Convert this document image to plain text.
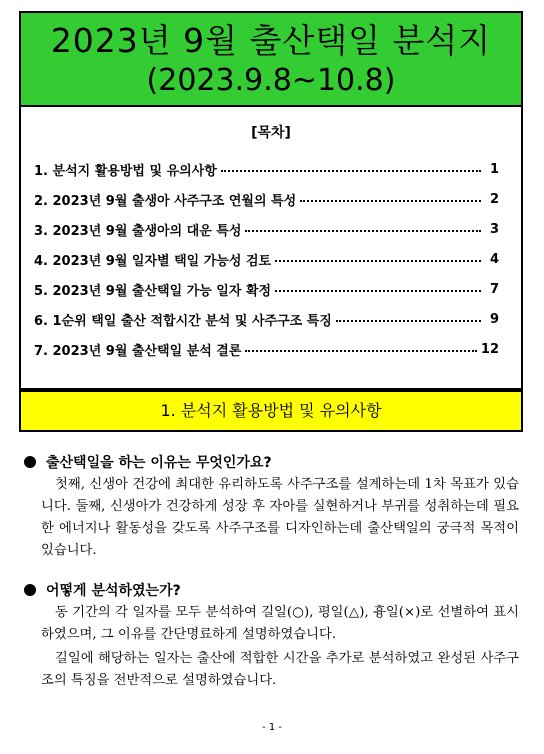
2023년 9월 출산택일 분석지
(2023.9.8~10.8)
[목차]
1. 분석지 활용방법 및 유의사항	1
2. 2023년 9월 출생아 사주구조 연월의 특성	2
3. 2023년 9월 출생아의 대운 특성	3
4. 2023년 9월 일자별 택일 가능성 검토	4
5. 2023년 9월 출산택일 가능 일자 확정	7
6. 1순위 택일 출산 적합시간 분석 및 사주구조 특징	9
7. 2023년 9월 출산택일 분석 결론	12
1. 분석지 활용방법 및 유의사항
출산택일을 하는 이유는 무엇인가요?

첫째, 신생아 건강에 최대한 유리하도록 사주구조를 설계하는데 1차 목표가 있습니다. 둘째, 신생아가 건강하게 성장 후 자아를 실현하거나 부귀를 성취하는데 필요한 에너지나 활동성을 갖도록 사주구조를 디자인하는데 출산택일의 궁극적 목적이 있습니다.

어떻게 분석하였는가?

동 기간의 각 일자를 모두 분석하여 길일(○), 평일(△), 흉일(×)로 선별하여 표시하였으며, 그 이유를 간단명료하게 설명하였습니다.

길일에 해당하는 일자는 출산에 적합한 시간을 추가로 분석하였고 완성된 사주구조의 특징을 전반적으로 설명하였습니다.

- 1 -
